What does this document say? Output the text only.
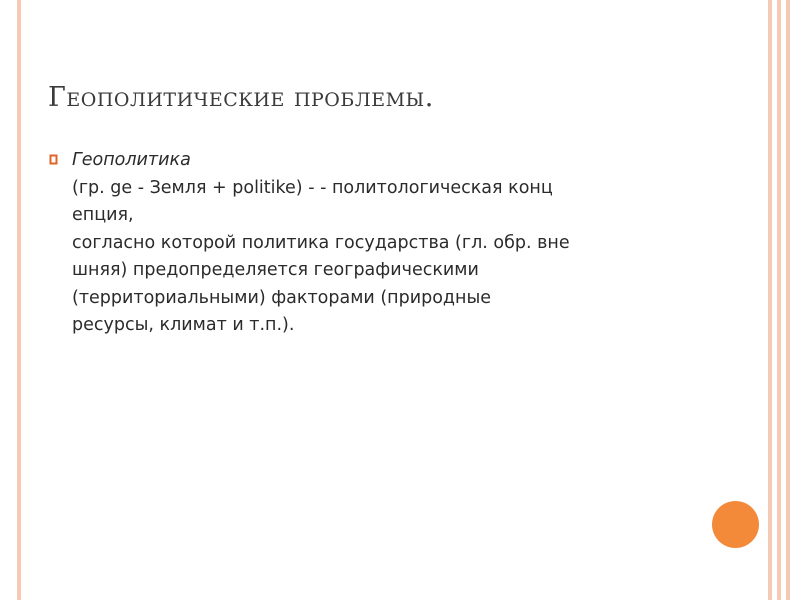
Геополитические проблемы.
Геополитика
(гр. ge - Земля + politike) - - политологическая конц
епция,
согласно которой политика государства (гл. обр. вне
шняя) предопределяется географическими
(территориальными) факторами (природные
ресурсы, климат и т.п.).
